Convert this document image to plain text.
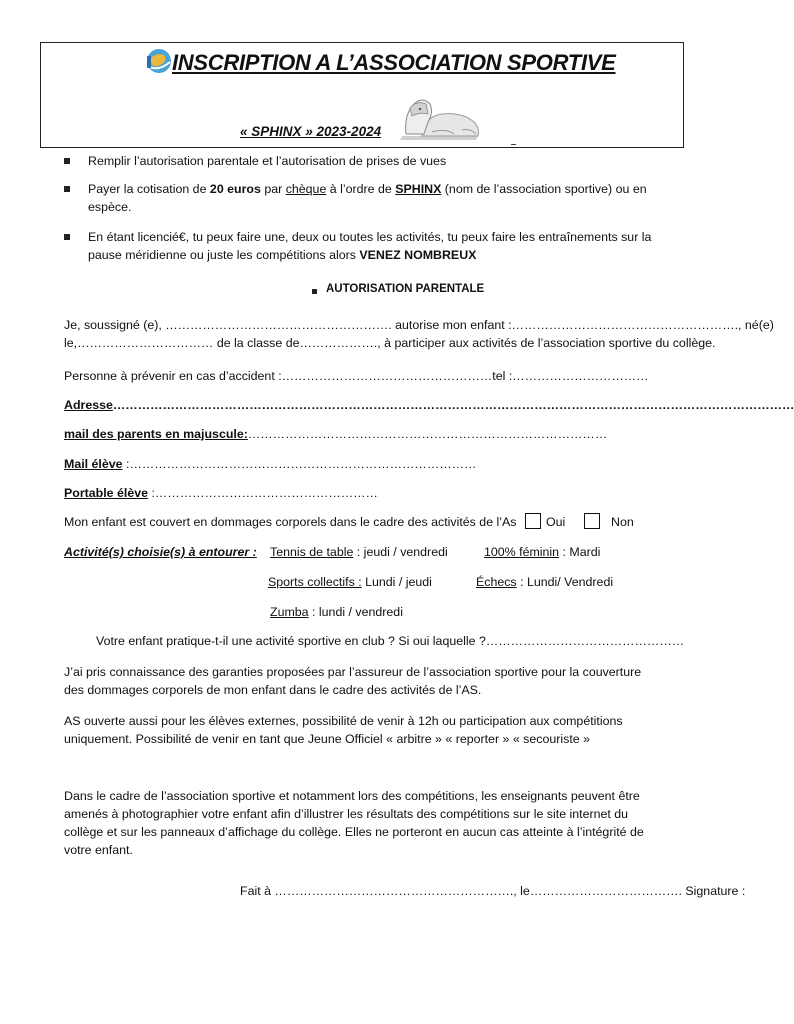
INSCRIPTION A L’ASSOCIATION SPORTIVE
« SPHINX » 2023-2024
Remplir l’autorisation parentale et l’autorisation de prises de vues
Payer la cotisation de 20 euros par chèque à l’ordre de SPHINX (nom de l’association sportive) ou en espèce.
En étant licencié€, tu peux faire une, deux ou toutes les activités, tu peux faire les entraînements sur la pause méridienne ou juste les compétitions alors VENEZ NOMBREUX
AUTORISATION PARENTALE
Je, soussigné (e), ………………………………………………. autorise mon enfant :………………………………………………., né(e)
le,…………………………… de la classe de………………., à participer aux activités de l’association sportive du collège.
Personne à prévenir en cas d’accident :……………………………………………tel :……………………………
Adresse…………………………………………………………………………………………………………………………………………………
mail des parents en majuscule:……………………………………………………………………………
Mail élève :…………………………………………………………………………
Portable élève :………………………………………………
Mon enfant est couvert en dommages corporels dans le cadre des activités de l’As Oui	Non
Activité(s) choisie(s) à entourer : Tennis de table : jeudi / vendredi	100% féminin : Mardi
Sports collectifs : Lundi / jeudi	Échecs : Lundi/ Vendredi
Zumba : lundi / vendredi
Votre enfant pratique-t-il une activité sportive en club ? Si oui laquelle ?…………………………………………
J’ai pris connaissance des garanties proposées par l’assureur de l’association sportive pour la couverture des dommages corporels de mon enfant dans le cadre des activités de l’AS.
AS ouverte aussi pour les élèves externes, possibilité de venir à 12h ou participation aux compétitions uniquement. Possibilité de venir en tant que Jeune Officiel « arbitre » « reporter » « secouriste »
Dans le cadre de l’association sportive et notamment lors des compétitions, les enseignants peuvent être amenés à photographier votre enfant afin d’illustrer les résultats des compétitions sur le site internet du collège et sur les panneaux d’affichage du collège. Elles ne porteront en aucun cas atteinte à l’intégrité de votre enfant.
Fait à …………………………………………………., le………………………………. Signature :
